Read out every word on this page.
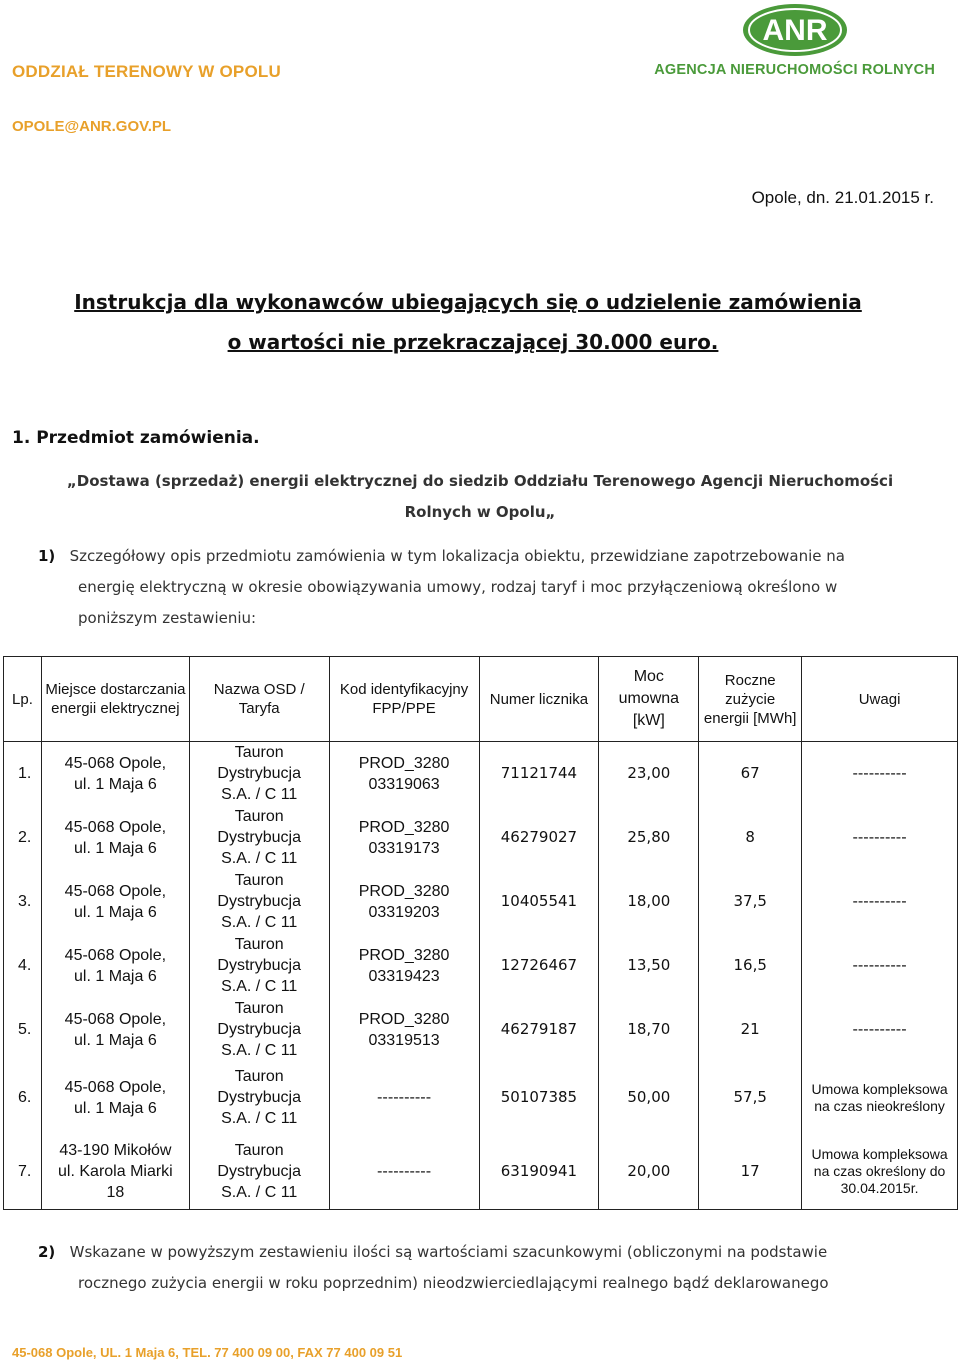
ODDZIAŁ TERENOWY W OPOLU
OPOLE@ANR.GOV.PL
ANR
AGENCJA NIERUCHOMOŚCI ROLNYCH
Opole, dn. 21.01.2015 r.
Instrukcja dla wykonawców ubiegających się o udzielenie zamówienia
o wartości nie przekraczającej 30.000 euro.
1. Przedmiot zamówienia.
„Dostawa (sprzedaż) energii elektrycznej do siedzib Oddziału Terenowego Agencji Nieruchomości
Rolnych w Opolu„
1) Szczegółowy opis przedmiotu zamówienia w tym lokalizacja obiektu, przewidziane zapotrzebowanie na
energię elektryczną w okresie obowiązywania umowy, rodzaj taryf i moc przyłączeniową określono w
poniższym zestawieniu:
Lp.	Miejsce dostarczania energii elektrycznej	Nazwa OSD / Taryfa	Kod identyfikacyjny FPP/PPE	Numer licznika	Moc umowna [kW]	Roczne zużycie energii [MWh]	Uwagi
1.	45-068 Opole,
ul. 1 Maja 6	Tauron
Dystrybucja
S.A. / C 11	PROD_3280
03319063	71121744	23,00	67	----------
2.	45-068 Opole,
ul. 1 Maja 6	Tauron
Dystrybucja
S.A. / C 11	PROD_3280
03319173	46279027	25,80	8	----------
3.	45-068 Opole,
ul. 1 Maja 6	Tauron
Dystrybucja
S.A. / C 11	PROD_3280
03319203	10405541	18,00	37,5	----------
4.	45-068 Opole,
ul. 1 Maja 6	Tauron
Dystrybucja
S.A. / C 11	PROD_3280
03319423	12726467	13,50	16,5	----------
5.	45-068 Opole,
ul. 1 Maja 6	Tauron
Dystrybucja
S.A. / C 11	PROD_3280
03319513	46279187	18,70	21	----------
6.	45-068 Opole,
ul. 1 Maja 6	Tauron
Dystrybucja
S.A. / C 11	----------	50107385	50,00	57,5	Umowa kompleksowa na czas nieokreślony
7.	43-190 Mikołów
ul. Karola Miarki
18	Tauron
Dystrybucja
S.A. / C 11	----------	63190941	20,00	17	Umowa kompleksowa na czas określony do 30.04.2015r.
2) Wskazane w powyższym zestawieniu ilości są wartościami szacunkowymi (obliczonymi na podstawie
rocznego zużycia energii w roku poprzednim) nieodzwierciedlającymi realnego bądź deklarowanego
45-068 Opole, UL. 1 Maja 6, TEL. 77 400 09 00, FAX 77 400 09 51
